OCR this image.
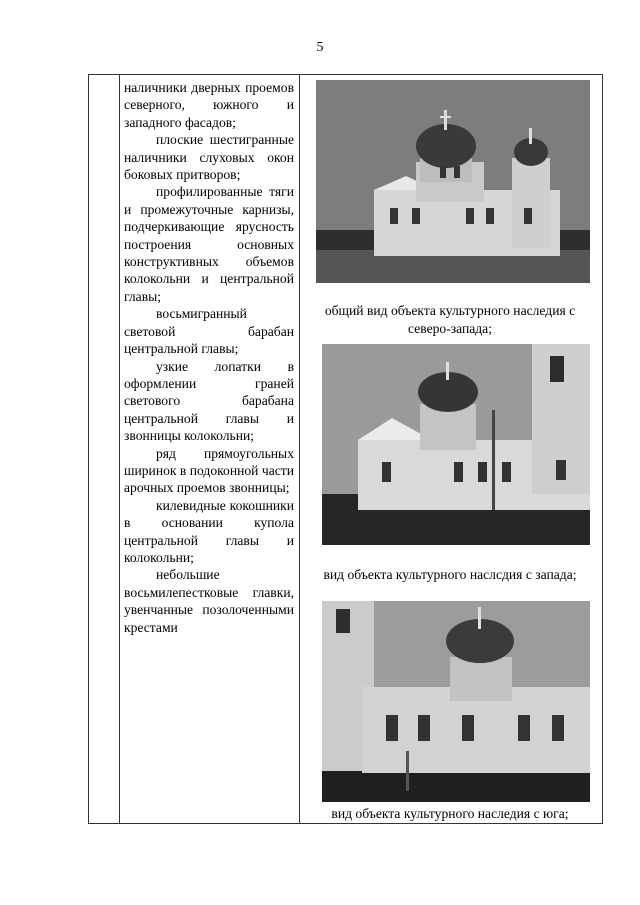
5

наличники дверных проемов северного, южного и западного фасадов;

плоские шестигранные наличники слуховых окон боковых притворов;

профилированные тяги и промежуточные карнизы, подчеркивающие ярусность построения основных конструктивных объемов колокольни и центральной главы;

восьмигранный световой барабан центральной главы;

узкие лопатки в оформлении граней светового барабана центральной главы и звонницы колокольни;

ряд прямоугольных ширинок в подоконной части арочных проемов звонницы;

килевидные кокошники в основании купола центральной главы и колокольни;

небольшие восьмилепестковые главки, увенчанные позолоченными крестами

общий вид объекта культурного наследия с северо-запада;
вид объекта культурного наслсдия с запада;
вид объекта культурного наследия с юга;
